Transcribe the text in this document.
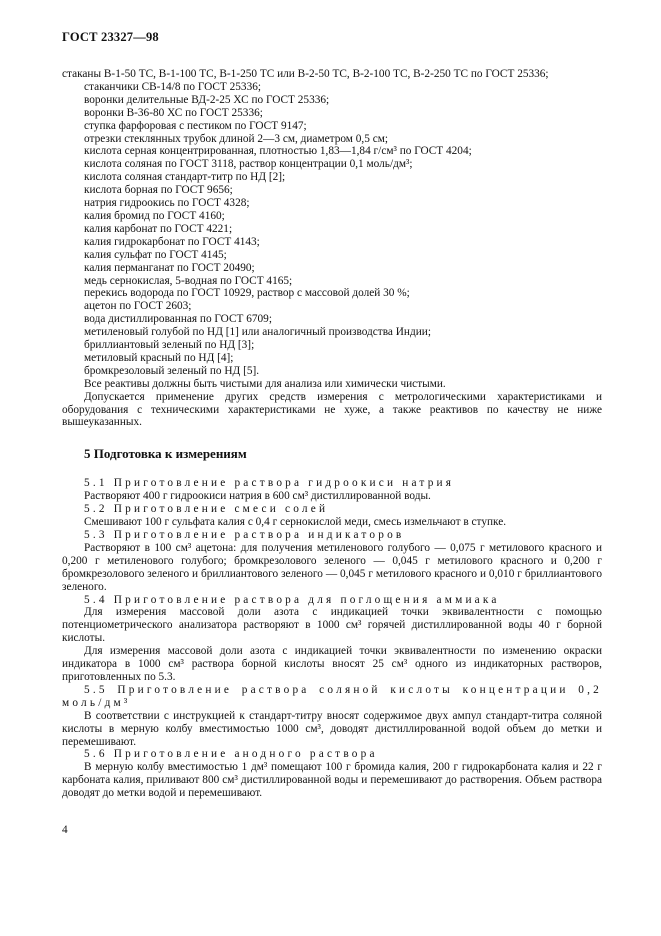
ГОСТ 23327—98

стаканы В-1-50 ТС, В-1-100 ТС, В-1-250 ТС или В-2-50 ТС, В-2-100 ТС, В-2-250 ТС по ГОСТ 25336;

стаканчики СВ-14/8 по ГОСТ 25336;

воронки делительные ВД-2-25 ХС по ГОСТ 25336;

воронки В-36-80 ХС по ГОСТ 25336;

ступка фарфоровая с пестиком по ГОСТ 9147;

отрезки стеклянных трубок длиной 2—3 см, диаметром 0,5 см;

кислота серная концентрированная, плотностью 1,83—1,84 г/см³ по ГОСТ 4204;

кислота соляная по ГОСТ 3118, раствор концентрации 0,1 моль/дм³;

кислота соляная стандарт-титр по НД [2];

кислота борная по ГОСТ 9656;

натрия гидроокись по ГОСТ 4328;

калия бромид по ГОСТ 4160;

калия карбонат по ГОСТ 4221;

калия гидрокарбонат по ГОСТ 4143;

калия сульфат по ГОСТ 4145;

калия перманганат по ГОСТ 20490;

медь сернокислая, 5-водная по ГОСТ 4165;

перекись водорода по ГОСТ 10929, раствор с массовой долей 30 %;

ацетон по ГОСТ 2603;

вода дистиллированная по ГОСТ 6709;

метиленовый голубой по НД [1] или аналогичный производства Индии;

бриллиантовый зеленый по НД [3];

метиловый красный по НД [4];

бромкрезоловый зеленый по НД [5].

Все реактивы должны быть чистыми для анализа или химически чистыми.

Допускается применение других средств измерения с метрологическими характеристиками и оборудования с техническими характеристиками не хуже, а также реактивов по качеству не ниже вышеуказанных.

5 Подготовка к измерениям

5.1 Приготовление раствора гидроокиси натрия

Растворяют 400 г гидроокиси натрия в 600 см³ дистиллированной воды.

5.2 Приготовление смеси солей

Смешивают 100 г сульфата калия с 0,4 г сернокислой меди, смесь измельчают в ступке.

5.3 Приготовление раствора индикаторов

Растворяют в 100 см³ ацетона: для получения метиленового голубого — 0,075 г метилового красного и 0,200 г метиленового голубого; бромкрезолового зеленого — 0,045 г метилового красного и 0,200 г бромкрезолового зеленого и бриллиантового зеленого — 0,045 г метилового красного и 0,010 г бриллиантового зеленого.

5.4 Приготовление раствора для поглощения аммиака

Для измерения массовой доли азота с индикацией точки эквивалентности с помощью потенциометрического анализатора растворяют в 1000 см³ горячей дистиллированной воды 40 г борной кислоты.

Для измерения массовой доли азота с индикацией точки эквивалентности по изменению окраски индикатора в 1000 см³ раствора борной кислоты вносят 25 см³ одного из индикаторных растворов, приготовленных по 5.3.

5.5 Приготовление раствора соляной кислоты концентрации 0,2 моль/дм³

В соответствии с инструкцией к стандарт-титру вносят содержимое двух ампул стандарт-титра соляной кислоты в мерную колбу вместимостью 1000 см³, доводят дистиллированной водой объем до метки и перемешивают.

5.6 Приготовление анодного раствора

В мерную колбу вместимостью 1 дм³ помещают 100 г бромида калия, 200 г гидрокарбоната калия и 22 г карбоната калия, приливают 800 см³ дистиллированной воды и перемешивают до растворения. Объем раствора доводят до метки водой и перемешивают.

4
